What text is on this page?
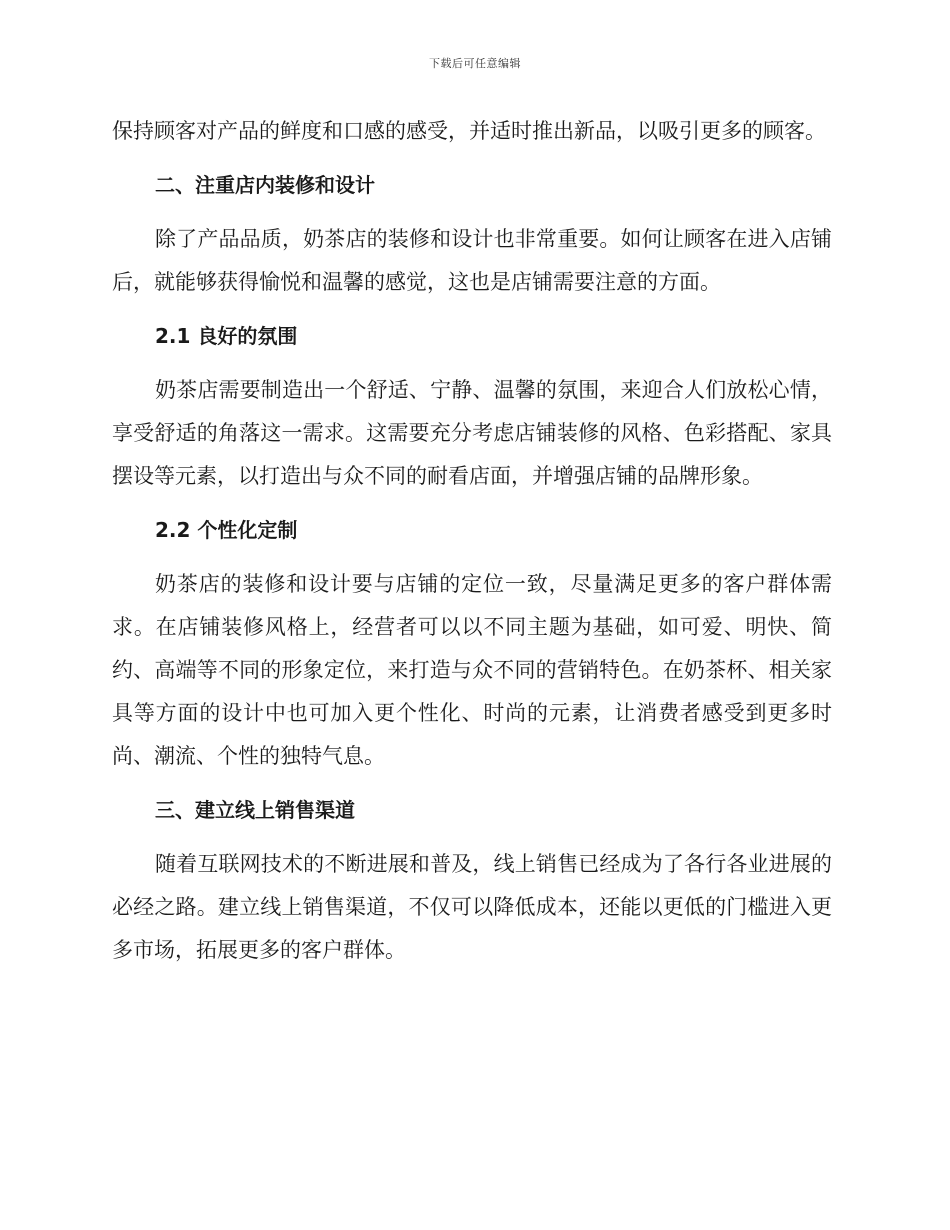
下载后可任意编辑

保持顾客对产品的鲜度和口感的感受，并适时推出新品，以吸引更多的顾客。

二、注重店内装修和设计

除了产品品质，奶茶店的装修和设计也非常重要。如何让顾客在进入店铺后，就能够获得愉悦和温馨的感觉，这也是店铺需要注意的方面。

2.1 良好的氛围

奶茶店需要制造出一个舒适、宁静、温馨的氛围，来迎合人们放松心情，享受舒适的角落这一需求。这需要充分考虑店铺装修的风格、色彩搭配、家具摆设等元素，以打造出与众不同的耐看店面，并增强店铺的品牌形象。

2.2 个性化定制

奶茶店的装修和设计要与店铺的定位一致，尽量满足更多的客户群体需求。在店铺装修风格上，经营者可以以不同主题为基础，如可爱、明快、简约、高端等不同的形象定位，来打造与众不同的营销特色。在奶茶杯、相关家具等方面的设计中也可加入更个性化、时尚的元素，让消费者感受到更多时尚、潮流、个性的独特气息。

三、建立线上销售渠道

随着互联网技术的不断进展和普及，线上销售已经成为了各行各业进展的必经之路。建立线上销售渠道，不仅可以降低成本，还能以更低的门槛进入更多市场，拓展更多的客户群体。
